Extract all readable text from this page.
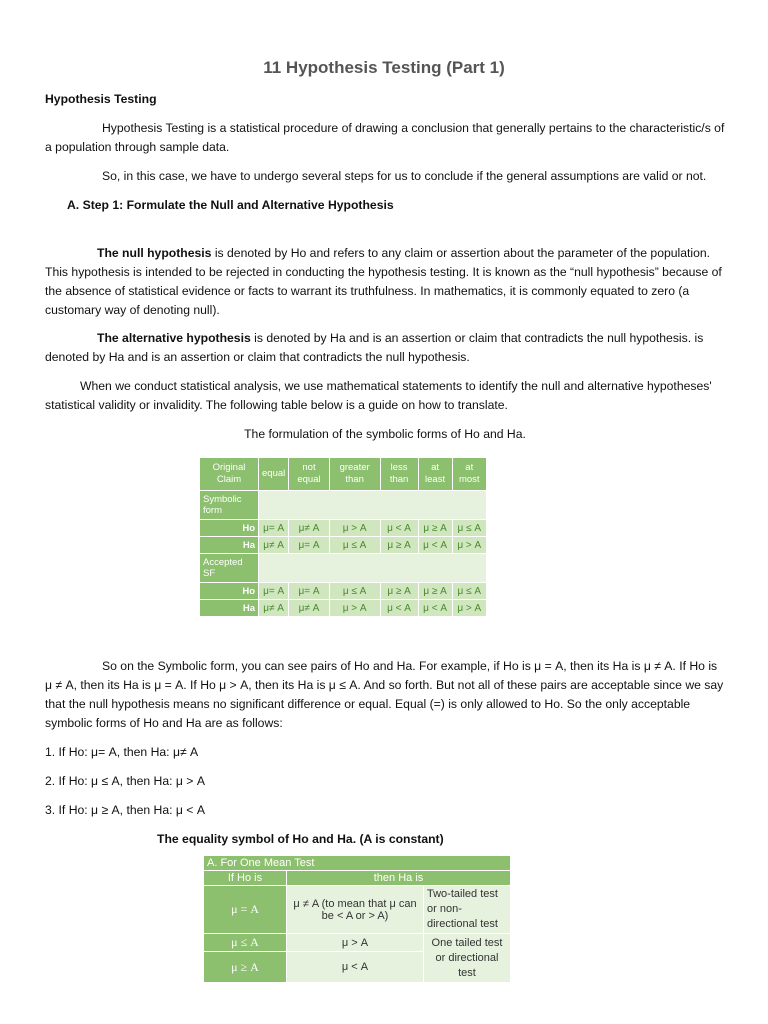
11 Hypothesis Testing (Part 1)
Hypothesis Testing
Hypothesis Testing is a statistical procedure of drawing a conclusion that generally pertains to the characteristic/s of a population through sample data.
So, in this case, we have to undergo several steps for us to conclude if the general assumptions are valid or not.
A. Step 1: Formulate the Null and Alternative Hypothesis
The null hypothesis is denoted by Ho and refers to any claim or assertion about the parameter of the population. This hypothesis is intended to be rejected in conducting the hypothesis testing. It is known as the “null hypothesis” because of the absence of statistical evidence or facts to warrant its truthfulness. In mathematics, it is commonly equated to zero (a customary way of denoting null).
The alternative hypothesis is denoted by Ha and is an assertion or claim that contradicts the null hypothesis. is denoted by Ha and is an assertion or claim that contradicts the null hypothesis.
When we conduct statistical analysis, we use mathematical statements to identify the null and alternative hypotheses' statistical validity or invalidity. The following table below is a guide on how to translate.
The formulation of the symbolic forms of Ho and Ha.
Original Claim	equal	not equal	greater than	less than	at least	at most
Symbolic form						
Ho	μ= A	μ≠ A	μ > A	μ < A	μ ≥ A	μ ≤ A
Ha	μ≠ A	μ= A	μ ≤ A	μ ≥ A	μ < A	μ > A
Accepted SF						
Ho	μ= A	μ= A	μ ≤ A	μ ≥ A	μ ≥ A	μ ≤ A
Ha	μ≠ A	μ≠ A	μ > A	μ < A	μ < A	μ > A
So on the Symbolic form, you can see pairs of Ho and Ha. For example, if Ho is μ = A, then its Ha is μ ≠ A. If Ho is μ ≠ A, then its Ha is μ = A. If Ho μ > A, then its Ha is μ ≤ A. And so forth. But not all of these pairs are acceptable since we say that the null hypothesis means no significant difference or equal. Equal (=) is only allowed to Ho. So the only acceptable symbolic forms of Ho and Ha are as follows:
1. If Ho: μ= A, then Ha: μ≠ A
2. If Ho: μ ≤ A, then Ha: μ > A
3. If Ho: μ ≥ A, then Ha: μ < A
The equality symbol of Ho and Ha. (A is constant)
A. For One Mean Test		
If Ho is	then Ha is	
μ = A	μ ≠ A (to mean that μ can be < A or > A)	Two-tailed test or non-directional test
μ ≤ A	μ > A	One tailed test or directional test
μ ≥ A	μ < A	
